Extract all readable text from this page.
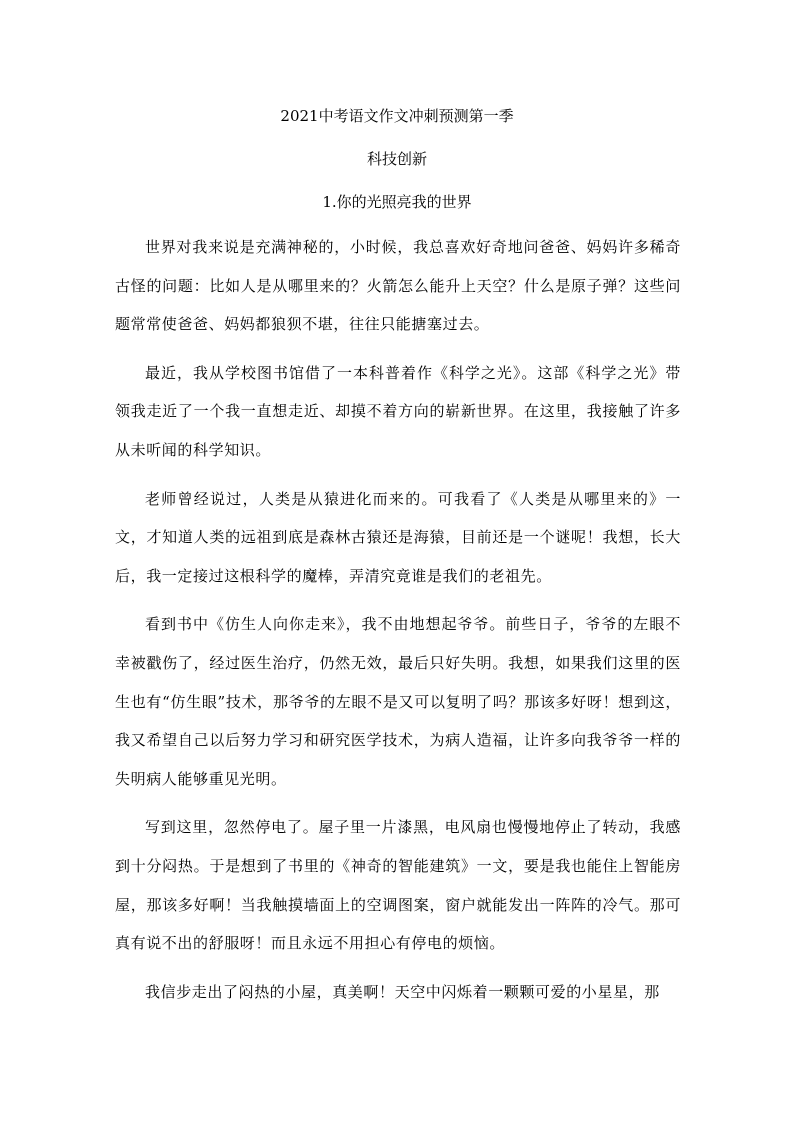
2021中考语文作文冲刺预测第一季
科技创新
1.你的光照亮我的世界

世界对我来说是充满神秘的，小时候，我总喜欢好奇地问爸爸、妈妈许多稀奇古怪的问题：比如人是从哪里来的？火箭怎么能升上天空？什么是原子弹？这些问题常常使爸爸、妈妈都狼狈不堪，往往只能搪塞过去。

最近，我从学校图书馆借了一本科普着作《科学之光》。这部《科学之光》带领我走近了一个我一直想走近、却摸不着方向的崭新世界。在这里，我接触了许多从未听闻的科学知识。

老师曾经说过，人类是从猿进化而来的。可我看了《人类是从哪里来的》一文，才知道人类的远祖到底是森林古猿还是海猿，目前还是一个谜呢！我想，长大后，我一定接过这根科学的魔棒，弄清究竟谁是我们的老祖先。

看到书中《仿生人向你走来》，我不由地想起爷爷。前些日子，爷爷的左眼不幸被戳伤了，经过医生治疗，仍然无效，最后只好失明。我想，如果我们这里的医生也有“仿生眼”技术，那爷爷的左眼不是又可以复明了吗？那该多好呀！想到这，我又希望自己以后努力学习和研究医学技术，为病人造福，让许多向我爷爷一样的失明病人能够重见光明。

写到这里，忽然停电了。屋子里一片漆黑，电风扇也慢慢地停止了转动，我感到十分闷热。于是想到了书里的《神奇的智能建筑》一文，要是我也能住上智能房屋，那该多好啊！当我触摸墙面上的空调图案，窗户就能发出一阵阵的冷气。那可真有说不出的舒服呀！而且永远不用担心有停电的烦恼。

我信步走出了闷热的小屋，真美啊！天空中闪烁着一颗颗可爱的小星星，那
